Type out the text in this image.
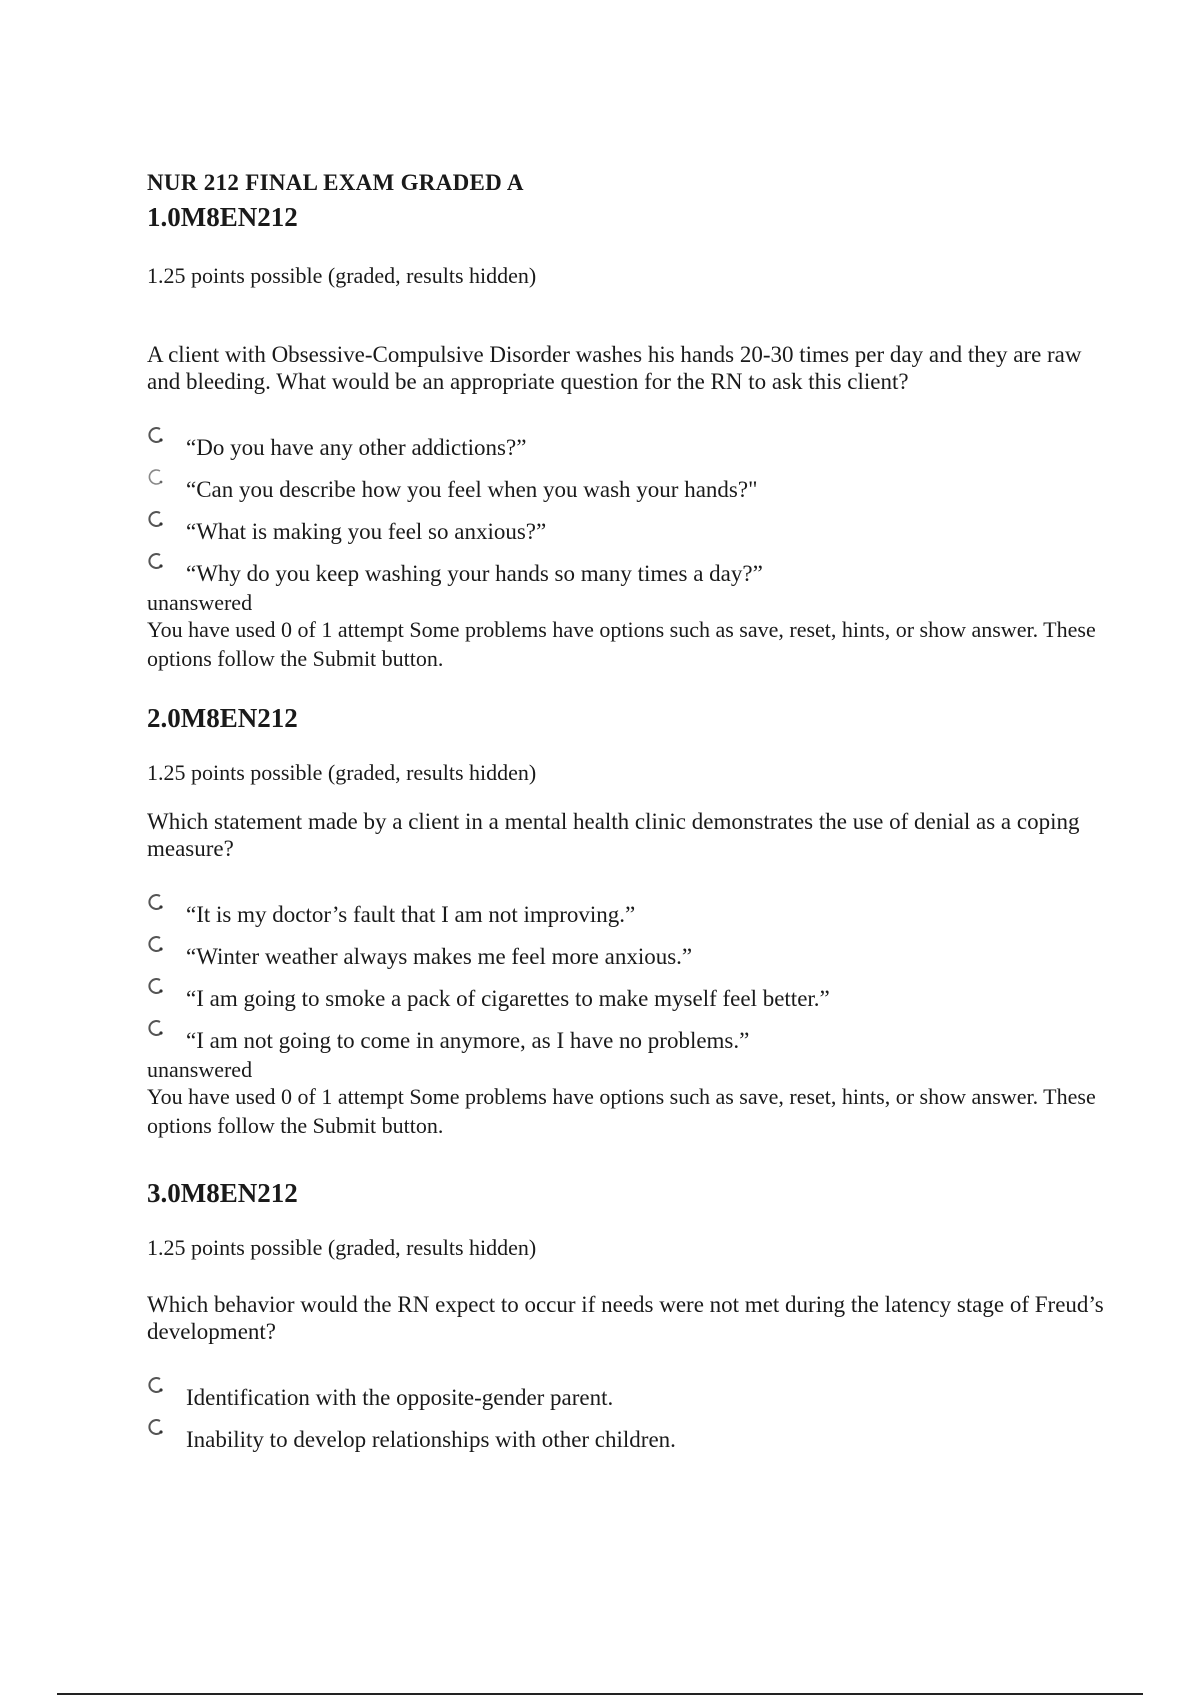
NUR 212 FINAL EXAM GRADED A
1.0M8EN212

1.25 points possible (graded, results hidden)

A client with Obsessive-Compulsive Disorder washes his hands 20-30 times per day and they are raw and bleeding. What would be an appropriate question for the RN to ask this client?

“Do you have any other addictions?”
“Can you describe how you feel when you wash your hands?"
“What is making you feel so anxious?”
“Why do you keep washing your hands so many times a day?”

unanswered

You have used 0 of 1 attempt Some problems have options such as save, reset, hints, or show answer. These options follow the Submit button.

2.0M8EN212

1.25 points possible (graded, results hidden)

Which statement made by a client in a mental health clinic demonstrates the use of denial as a coping measure?

“It is my doctor’s fault that I am not improving.”
“Winter weather always makes me feel more anxious.”
“I am going to smoke a pack of cigarettes to make myself feel better.”
“I am not going to come in anymore, as I have no problems.”

unanswered

You have used 0 of 1 attempt Some problems have options such as save, reset, hints, or show answer. These options follow the Submit button.

3.0M8EN212

1.25 points possible (graded, results hidden)

Which behavior would the RN expect to occur if needs were not met during the latency stage of Freud’s development?

Identification with the opposite-gender parent.
Inability to develop relationships with other children.
